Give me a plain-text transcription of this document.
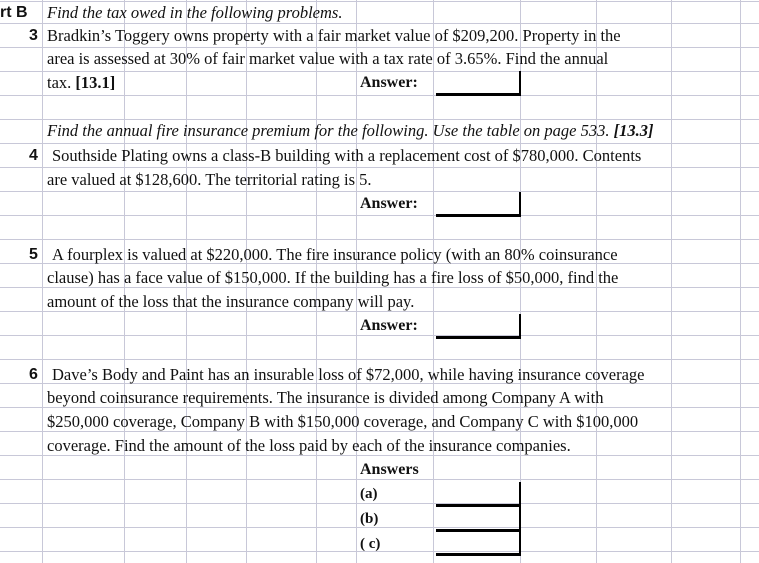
rt B Find the tax owed in the following problems.
3 Bradkin’s Toggery owns property with a fair market value of $209,200. Property in the
area is assessed at 30% of fair market value with a tax rate of 3.65%. Find the annual
tax. [13.1]	Answer:
Find the annual fire insurance premium for the following. Use the table on page 533. [13.3]
4 Southside Plating owns a class-B building with a replacement cost of $780,000. Contents
are valued at $128,600. The territorial rating is 5.
Answer:
5 A fourplex is valued at $220,000. The fire insurance policy (with an 80% coinsurance
clause) has a face value of $150,000. If the building has a fire loss of $50,000, find the
amount of the loss that the insurance company will pay.
Answer:
6 Dave’s Body and Paint has an insurable loss of $72,000, while having insurance coverage
beyond coinsurance requirements. The insurance is divided among Company A with
$250,000 coverage, Company B with $150,000 coverage, and Company C with $100,000
coverage. Find the amount of the loss paid by each of the insurance companies.
Answers
(a)
(b)
( c)
